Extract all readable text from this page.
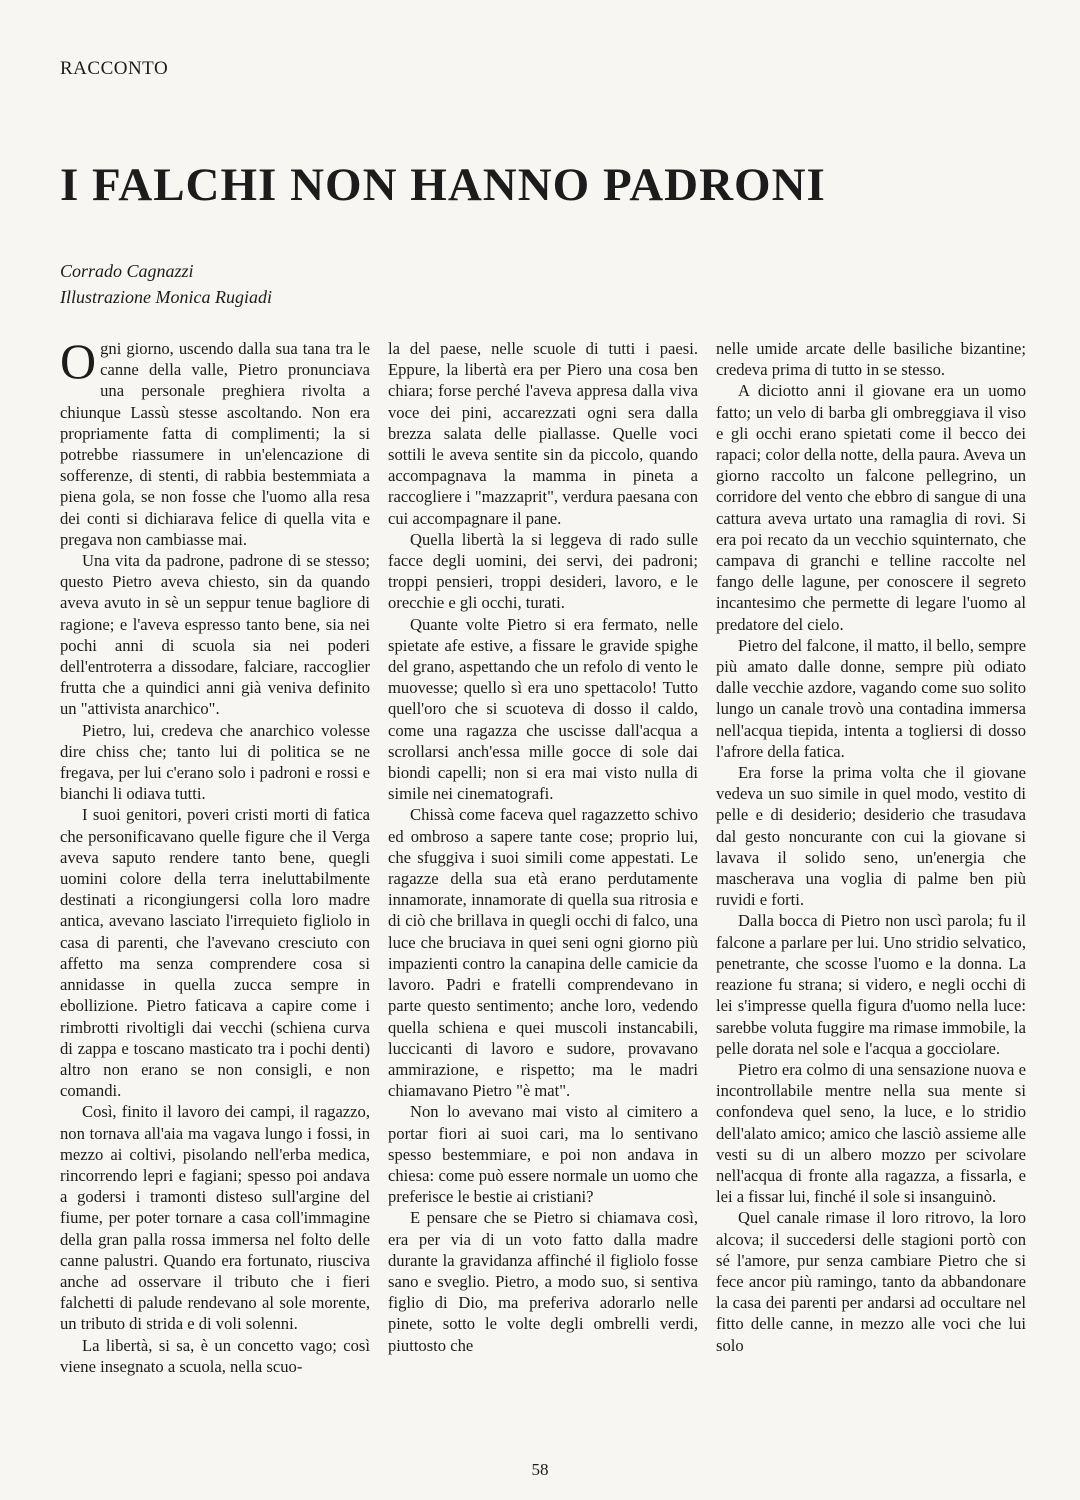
RACCONTO
I FALCHI NON HANNO PADRONI
Corrado Cagnazzi
Illustrazione Monica Rugiadi

Ogni giorno, uscendo dalla sua tana tra le canne della valle, Pietro pronunciava una personale preghiera rivolta a chiunque Lassù stesse ascoltando. Non era propriamente fatta di complimenti; la si potrebbe riassumere in un'elencazione di sofferenze, di stenti, di rabbia bestemmiata a piena gola, se non fosse che l'uomo alla resa dei conti si dichiarava felice di quella vita e pregava non cambiasse mai.

Una vita da padrone, padrone di se stesso; questo Pietro aveva chiesto, sin da quando aveva avuto in sè un seppur tenue bagliore di ragione; e l'aveva espresso tanto bene, sia nei pochi anni di scuola sia nei poderi dell'entroterra a dissodare, falciare, raccoglier frutta che a quindici anni già veniva definito un "attivista anarchico".

Pietro, lui, credeva che anarchico volesse dire chiss che; tanto lui di politica se ne fregava, per lui c'erano solo i padroni e rossi e bianchi li odiava tutti.

I suoi genitori, poveri cristi morti di fatica che personificavano quelle figure che il Verga aveva saputo rendere tanto bene, quegli uomini colore della terra ineluttabilmente destinati a ricongiungersi colla loro madre antica, avevano lasciato l'irrequieto figliolo in casa di parenti, che l'avevano cresciuto con affetto ma senza comprendere cosa si annidasse in quella zucca sempre in ebollizione. Pietro faticava a capire come i rimbrotti rivoltigli dai vecchi (schiena curva di zappa e toscano masticato tra i pochi denti) altro non erano se non consigli, e non comandi.

Così, finito il lavoro dei campi, il ragazzo, non tornava all'aia ma vagava lungo i fossi, in mezzo ai coltivi, pisolando nell'erba medica, rincorrendo lepri e fagiani; spesso poi andava a godersi i tramonti disteso sull'argine del fiume, per poter tornare a casa coll'immagine della gran palla rossa immersa nel folto delle canne palustri. Quando era fortunato, riusciva anche ad osservare il tributo che i fieri falchetti di palude rendevano al sole morente, un tributo di strida e di voli solenni.

La libertà, si sa, è un concetto vago; così viene insegnato a scuola, nella scuo-

la del paese, nelle scuole di tutti i paesi. Eppure, la libertà era per Piero una cosa ben chiara; forse perché l'aveva appresa dalla viva voce dei pini, accarezzati ogni sera dalla brezza salata delle piallasse. Quelle voci sottili le aveva sentite sin da piccolo, quando accompagnava la mamma in pineta a raccogliere i "mazzaprit", verdura paesana con cui accompagnare il pane.

Quella libertà la si leggeva di rado sulle facce degli uomini, dei servi, dei padroni; troppi pensieri, troppi desideri, lavoro, e le orecchie e gli occhi, turati.

Quante volte Pietro si era fermato, nelle spietate afe estive, a fissare le gravide spighe del grano, aspettando che un refolo di vento le muovesse; quello sì era uno spettacolo! Tutto quell'oro che si scuoteva di dosso il caldo, come una ragazza che uscisse dall'acqua a scrollarsi anch'essa mille gocce di sole dai biondi capelli; non si era mai visto nulla di simile nei cinematografi.

Chissà come faceva quel ragazzetto schivo ed ombroso a sapere tante cose; proprio lui, che sfuggiva i suoi simili come appestati. Le ragazze della sua età erano perdutamente innamorate, innamorate di quella sua ritrosia e di ciò che brillava in quegli occhi di falco, una luce che bruciava in quei seni ogni giorno più impazienti contro la canapina delle camicie da lavoro. Padri e fratelli comprendevano in parte questo sentimento; anche loro, vedendo quella schiena e quei muscoli instancabili, luccicanti di lavoro e sudore, provavano ammirazione, e rispetto; ma le madri chiamavano Pietro "è mat".

Non lo avevano mai visto al cimitero a portar fiori ai suoi cari, ma lo sentivano spesso bestemmiare, e poi non andava in chiesa: come può essere normale un uomo che preferisce le bestie ai cristiani?

E pensare che se Pietro si chiamava così, era per via di un voto fatto dalla madre durante la gravidanza affinché il figliolo fosse sano e sveglio. Pietro, a modo suo, si sentiva figlio di Dio, ma preferiva adorarlo nelle pinete, sotto le volte degli ombrelli verdi, piuttosto che

nelle umide arcate delle basiliche bizantine; credeva prima di tutto in se stesso.

A diciotto anni il giovane era un uomo fatto; un velo di barba gli ombreggiava il viso e gli occhi erano spietati come il becco dei rapaci; color della notte, della paura. Aveva un giorno raccolto un falcone pellegrino, un corridore del vento che ebbro di sangue di una cattura aveva urtato una ramaglia di rovi. Si era poi recato da un vecchio squinternato, che campava di granchi e telline raccolte nel fango delle lagune, per conoscere il segreto incantesimo che permette di legare l'uomo al predatore del cielo.

Pietro del falcone, il matto, il bello, sempre più amato dalle donne, sempre più odiato dalle vecchie azdore, vagando come suo solito lungo un canale trovò una contadina immersa nell'acqua tiepida, intenta a togliersi di dosso l'afrore della fatica.

Era forse la prima volta che il giovane vedeva un suo simile in quel modo, vestito di pelle e di desiderio; desiderio che trasudava dal gesto noncurante con cui la giovane si lavava il solido seno, un'energia che mascherava una voglia di palme ben più ruvidi e forti.

Dalla bocca di Pietro non uscì parola; fu il falcone a parlare per lui. Uno stridio selvatico, penetrante, che scosse l'uomo e la donna. La reazione fu strana; si videro, e negli occhi di lei s'impresse quella figura d'uomo nella luce: sarebbe voluta fuggire ma rimase immobile, la pelle dorata nel sole e l'acqua a gocciolare.

Pietro era colmo di una sensazione nuova e incontrollabile mentre nella sua mente si confondeva quel seno, la luce, e lo stridio dell'alato amico; amico che lasciò assieme alle vesti su di un albero mozzo per scivolare nell'acqua di fronte alla ragazza, a fissarla, e lei a fissar lui, finché il sole si insanguinò.

Quel canale rimase il loro ritrovo, la loro alcova; il succedersi delle stagioni portò con sé l'amore, pur senza cambiare Pietro che si fece ancor più ramingo, tanto da abbandonare la casa dei parenti per andarsi ad occultare nel fitto delle canne, in mezzo alle voci che lui solo

58
